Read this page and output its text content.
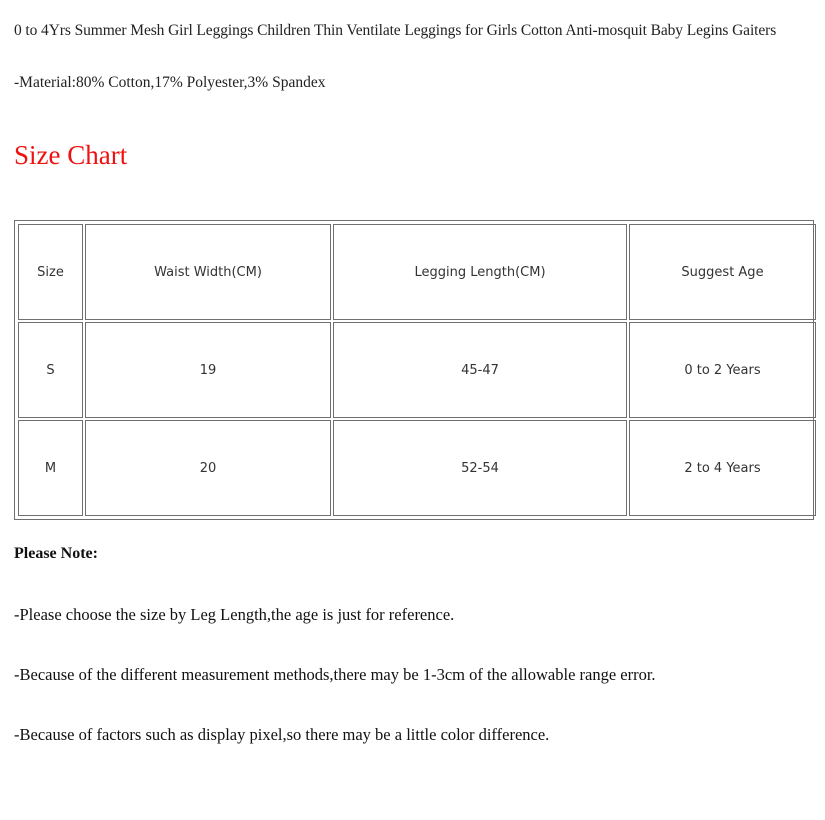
0 to 4Yrs Summer Mesh Girl Leggings Children Thin Ventilate Leggings for Girls Cotton Anti-mosquit Baby Legins Gaiters

-Material:80% Cotton,17% Polyester,3% Spandex

Size Chart
Size	Waist Width(CM)	Legging Length(CM)	Suggest Age
S	19	45-47	0 to 2 Years
M	20	52-54	2 to 4 Years

Please Note:

-Please choose the size by Leg Length,the age is just for reference.

-Because of the different measurement methods,there may be 1-3cm of the allowable range error.

-Because of factors such as display pixel,so there may be a little color difference.
